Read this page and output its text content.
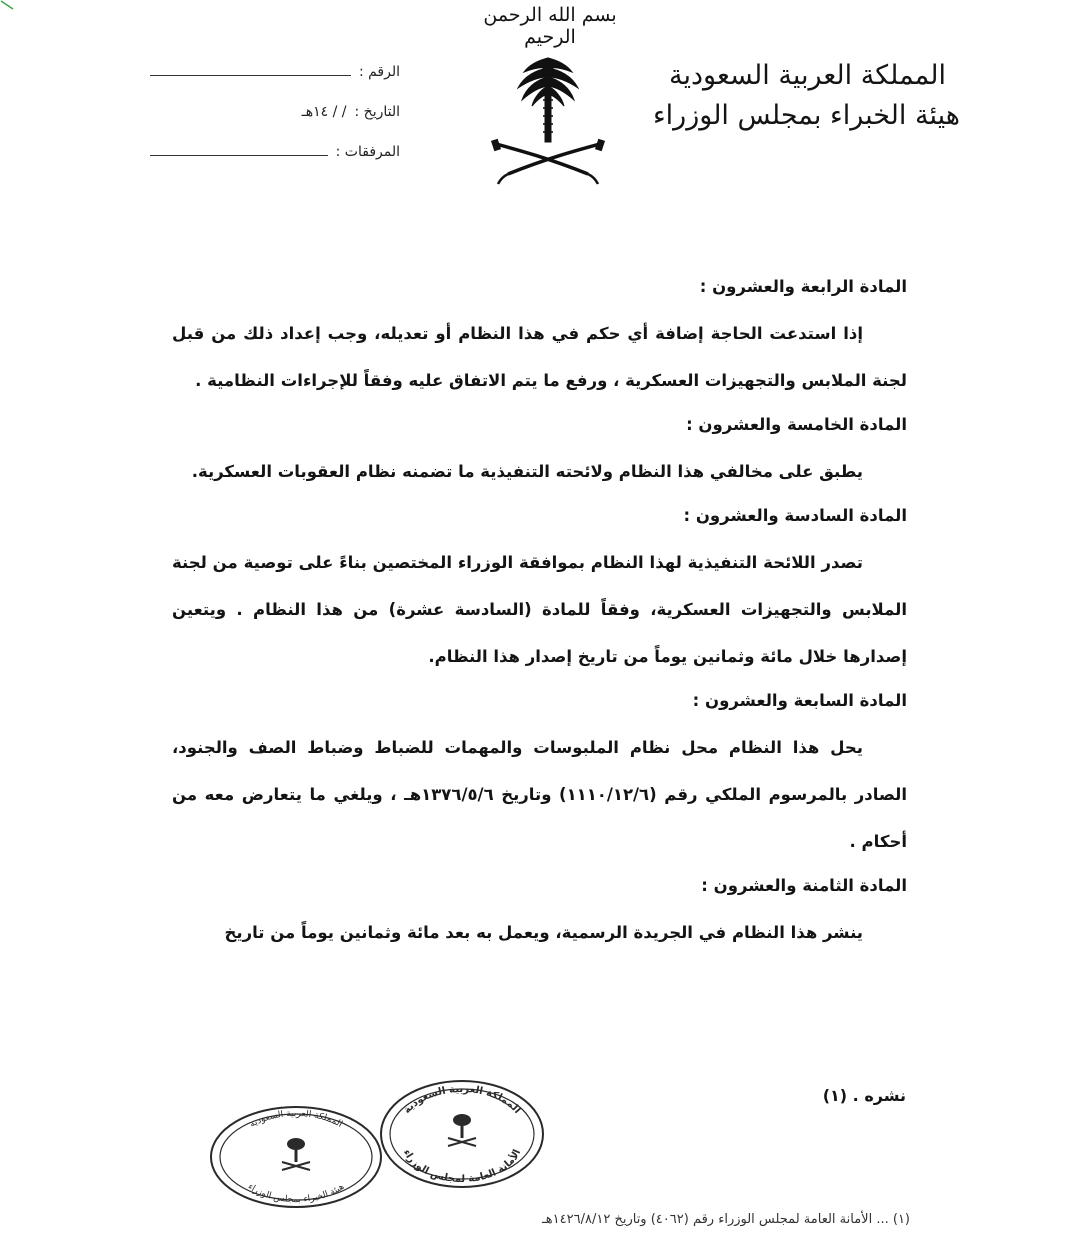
بسم الله الرحمن الرحيم
المملكة العربية السعودية
هيئة الخبراء بمجلس الوزراء
الرقم :
التاريخ :
/ / ١٤هـ
المرفقات :
المادة الرابعة والعشرون :

إذا استدعت الحاجة إضافة أي حكم في هذا النظام أو تعديله، وجب إعداد ذلك من قبل لجنة الملابس والتجهيزات العسكرية ، ورفع ما يتم الاتفاق عليه وفقاً للإجراءات النظامية .

المادة الخامسة والعشرون :

يطبق على مخالفي هذا النظام ولائحته التنفيذية ما تضمنه نظام العقوبات العسكرية.

المادة السادسة والعشرون :

تصدر اللائحة التنفيذية لهذا النظام بموافقة الوزراء المختصين بناءً على توصية من لجنة الملابس والتجهيزات العسكرية، وفقاً للمادة (السادسة عشرة) من هذا النظام . ويتعين إصدارها خلال مائة وثمانين يوماً من تاريخ إصدار هذا النظام.

المادة السابعة والعشرون :

يحل هذا النظام محل نظام الملبوسات والمهمات للضباط وضباط الصف والجنود، الصادر بالمرسوم الملكي رقم (١١١٠/١٢/٦) وتاريخ ١٣٧٦/٥/٦هـ ، ويلغي ما يتعارض معه من أحكام .

المادة الثامنة والعشرون :

ينشر هذا النظام في الجريدة الرسمية، ويعمل به بعد مائة وثمانين يوماً من تاريخ

نشره . (١)
المملكة العربية السعودية
هيئة الخبراء بمجلس الوزراء
المملكة العربية السعودية
الأمانة العامة لمجلس الوزراء
(١) ... الأمانة العامة لمجلس الوزراء رقم (٤٠٦٢) وتاريخ ١٤٢٦/٨/١٢هـ
